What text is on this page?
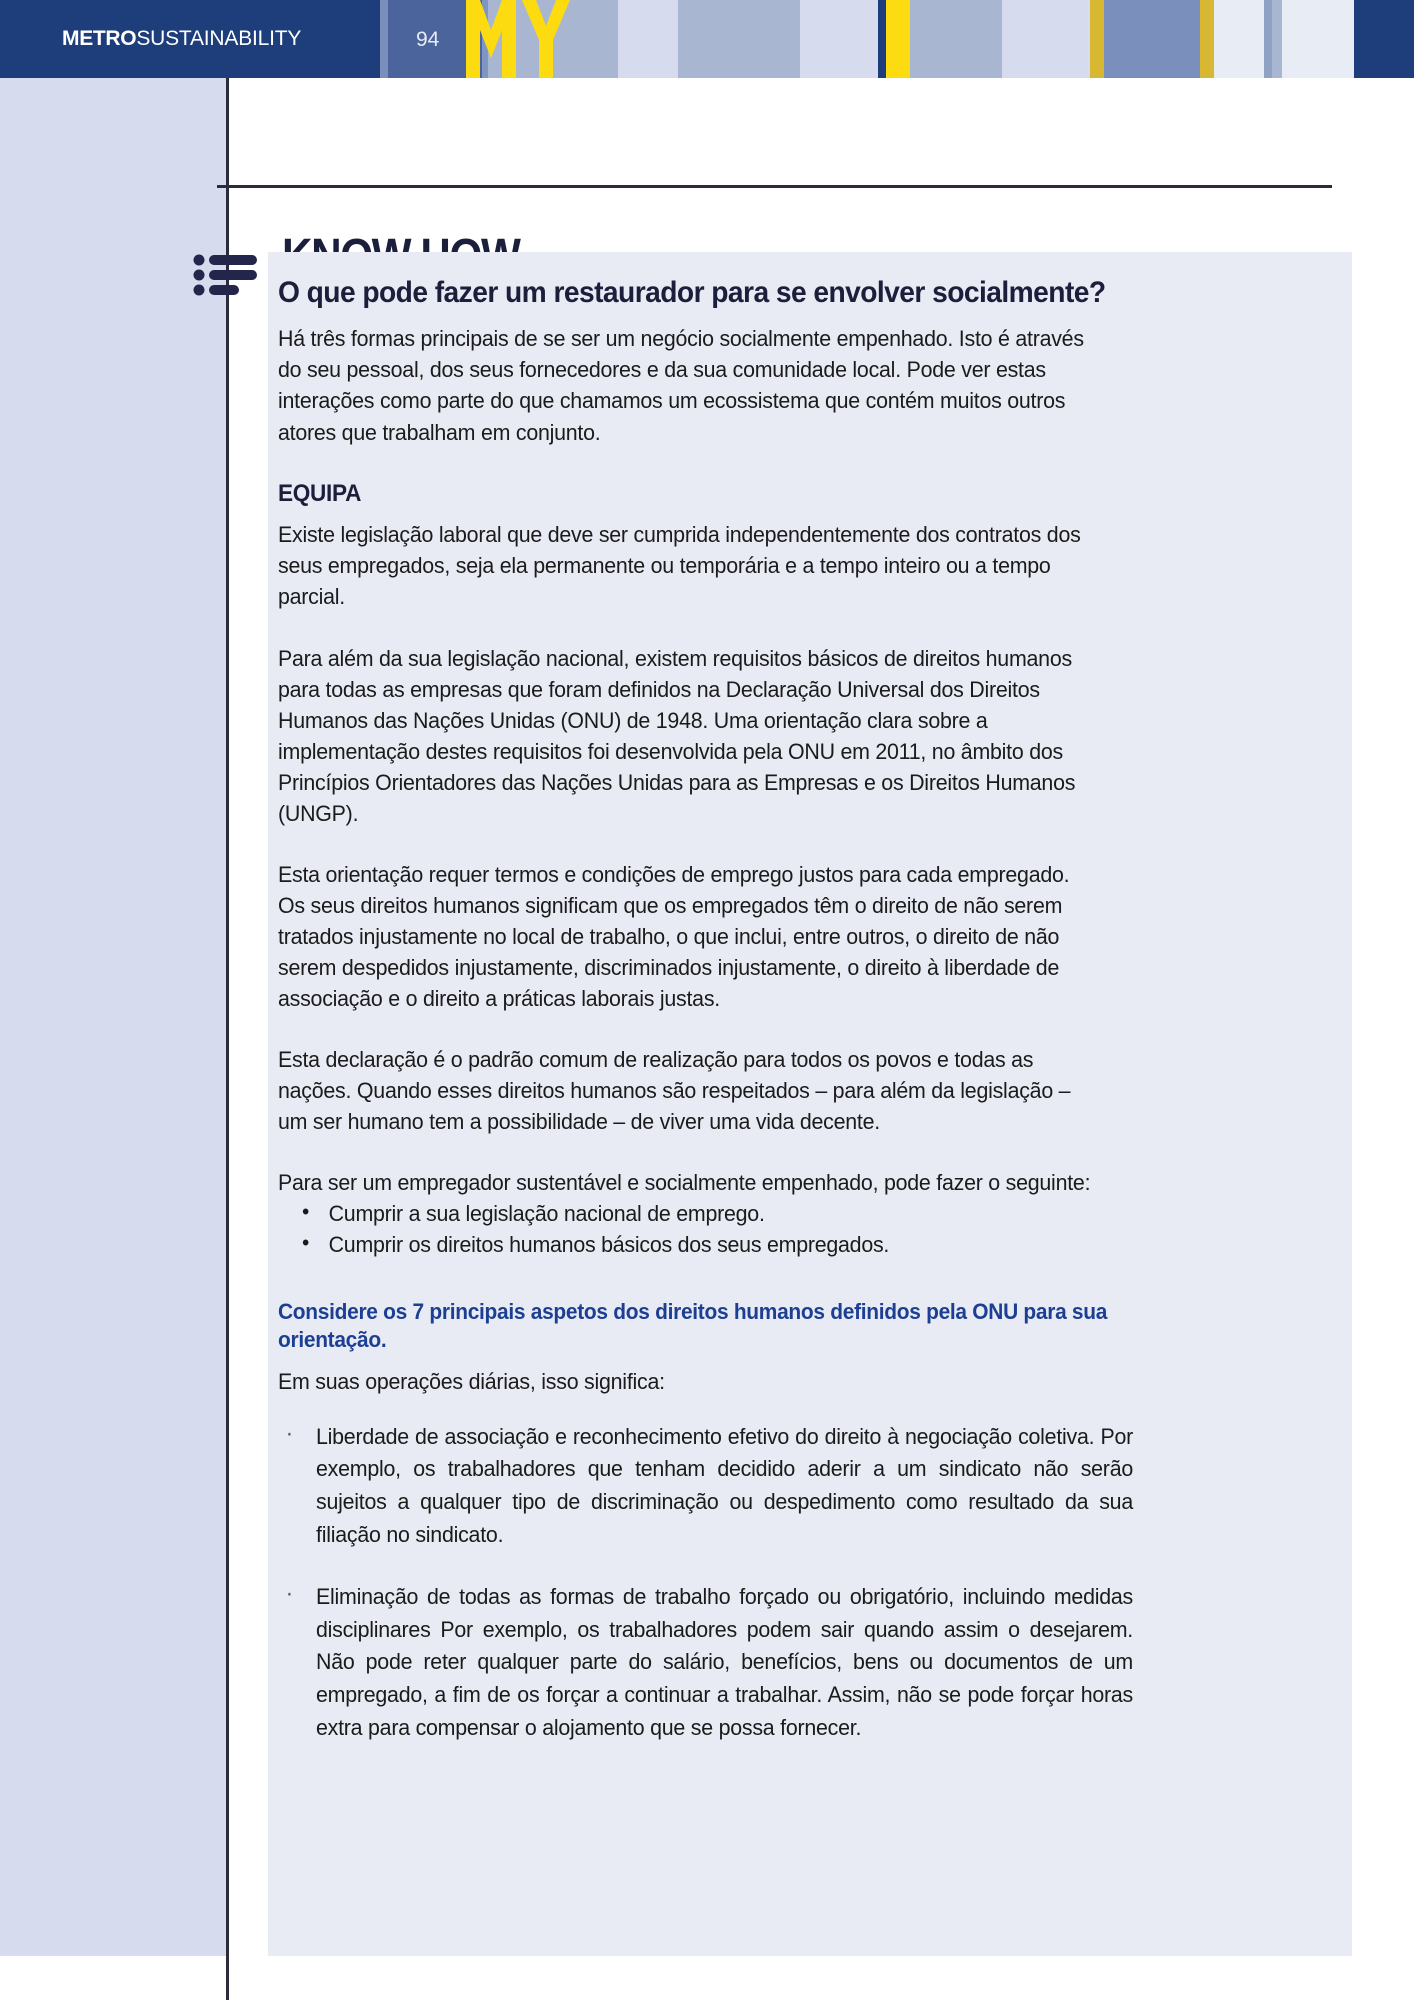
METROSUSTAINABILITY	94
O que pode fazer um restaurador para se envolver socialmente?

Há três formas principais de se ser um negócio socialmente empenhado. Isto é através do seu pessoal, dos seus fornecedores e da sua comunidade local. Pode ver estas interações como parte do que chamamos um ecossistema que contém muitos outros atores que trabalham em conjunto.

EQUIPA

Existe legislação laboral que deve ser cumprida independentemente dos contratos dos seus empregados, seja ela permanente ou temporária e a tempo inteiro ou a tempo parcial.

Para além da sua legislação nacional, existem requisitos básicos de direitos humanos para todas as empresas que foram definidos na Declaração Universal dos Direitos Humanos das Nações Unidas (ONU) de 1948. Uma orientação clara sobre a implementação destes requisitos foi desenvolvida pela ONU em 2011, no âmbito dos Princípios Orientadores das Nações Unidas para as Empresas e os Direitos Humanos (UNGP).

Esta orientação requer termos e condições de emprego justos para cada empregado. Os seus direitos humanos significam que os empregados têm o direito de não serem tratados injustamente no local de trabalho, o que inclui, entre outros, o direito de não serem despedidos injustamente, discriminados injustamente, o direito à liberdade de associação e o direito a práticas laborais justas.

Esta declaração é o padrão comum de realização para todos os povos e todas as nações. Quando esses direitos humanos são respeitados – para além da legislação – um ser humano tem a possibilidade – de viver uma vida decente.

Para ser um empregador sustentável e socialmente empenhado, pode fazer o seguinte:

• Cumprir a sua legislação nacional de emprego.
• Cumprir os direitos humanos básicos dos seus empregados.

Considere os 7 principais aspetos dos direitos humanos definidos pela ONU para sua orientação.

Em suas operações diárias, isso significa:

· Liberdade de associação e reconhecimento efetivo do direito à negociação coletiva. Por exemplo, os trabalhadores que tenham decidido aderir a um sindicato não serão sujeitos a qualquer tipo de discriminação ou despedimento como resultado da sua filiação no sindicato.
· Eliminação de todas as formas de trabalho forçado ou obrigatório, incluindo medidas disciplinares Por exemplo, os trabalhadores podem sair quando assim o desejarem. Não pode reter qualquer parte do salário, benefícios, bens ou documentos de um empregado, a fim de os forçar a continuar a trabalhar. Assim, não se pode forçar horas extra para compensar o alojamento que se possa fornecer.
